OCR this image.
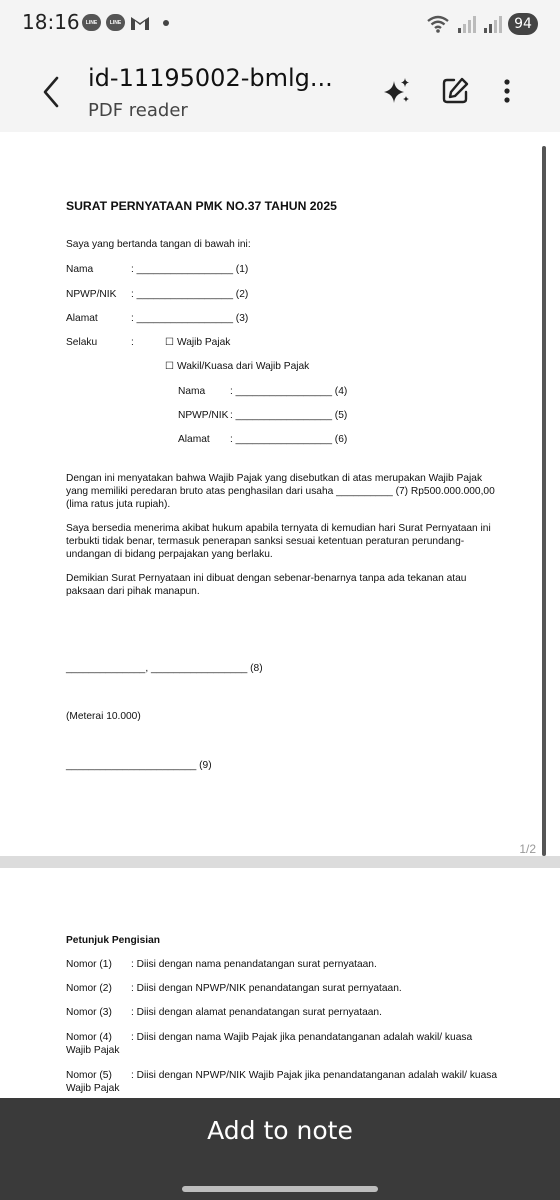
18:16 LINE	LINE	94
id-11195002-bmlg...
PDF reader
SURAT PERNYATAAN PMK NO.37 TAHUN 2025
Saya yang bertanda tangan di bawah ini:
Nama	: _________________ (1)
NPWP/NIK : _________________ (2)
Alamat	: _________________ (3)
Selaku	:	☐ Wajib Pajak
☐ Wakil/Kuasa dari Wajib Pajak
Nama : _________________ (4)
NPWP/NIK : _________________ (5)
Alamat : _________________ (6)
Dengan ini menyatakan bahwa Wajib Pajak yang disebutkan di atas merupakan Wajib Pajak yang memiliki peredaran bruto atas penghasilan dari usaha __________ (7) Rp500.000.000,00 (lima ratus juta rupiah).
Saya bersedia menerima akibat hukum apabila ternyata di kemudian hari Surat Pernyataan ini terbukti tidak benar, termasuk penerapan sanksi sesuai ketentuan peraturan perundang-undangan di bidang perpajakan yang berlaku.
Demikian Surat Pernyataan ini dibuat dengan sebenar-benarnya tanpa ada tekanan atau paksaan dari pihak manapun.
______________, _________________ (8)
(Meterai 10.000)
_______________________ (9)
1/2
Petunjuk Pengisian
Nomor (1) : Diisi dengan nama penandatangan surat pernyataan.
Nomor (2) : Diisi dengan NPWP/NIK penandatangan surat pernyataan.
Nomor (3) : Diisi dengan alamat penandatangan surat pernyataan.
Nomor (4) : Diisi dengan nama Wajib Pajak jika penandatanganan adalah wakil/ kuasa
Wajib Pajak
Nomor (5) : Diisi dengan NPWP/NIK Wajib Pajak jika penandatanganan adalah wakil/ kuasa
Wajib Pajak
Add to note
